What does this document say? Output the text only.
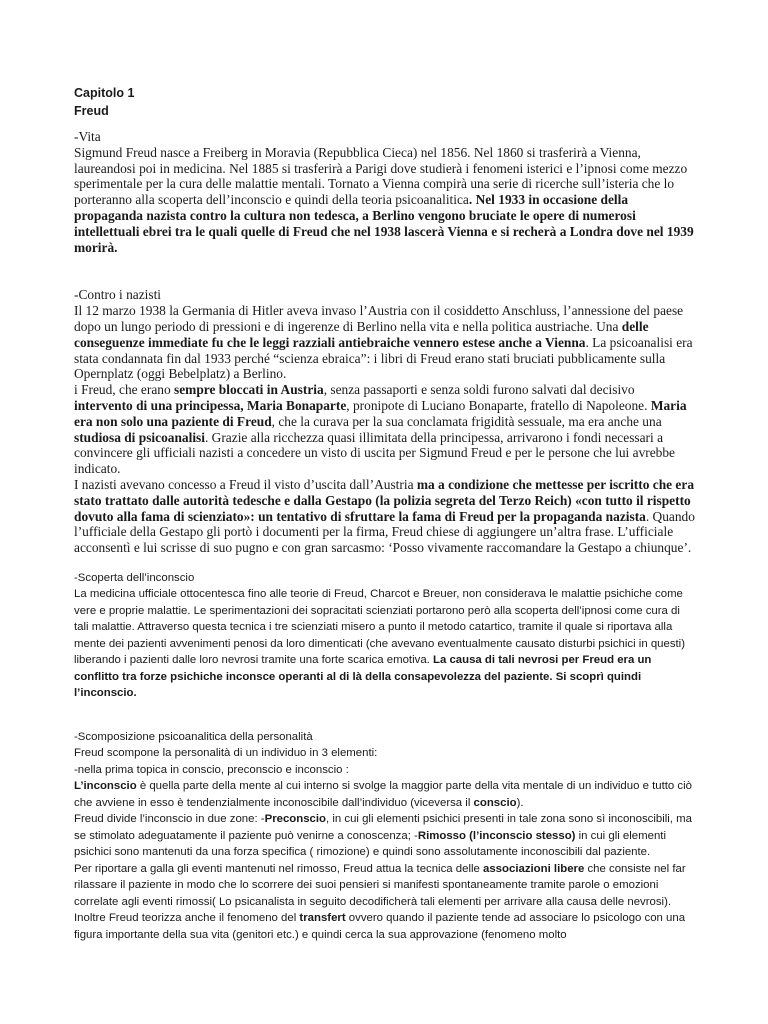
Capitolo 1

Freud

-Vita

Sigmund Freud nasce a Freiberg in Moravia (Repubblica Cieca) nel 1856. Nel 1860 si trasferirà a Vienna, laureandosi poi in medicina. Nel 1885 si trasferirà a Parigi dove studierà i fenomeni isterici e l’ipnosi come mezzo sperimentale per la cura delle malattie mentali. Tornato a Vienna compirà una serie di ricerche sull’isteria che lo porteranno alla scoperta dell’inconscio e quindi della teoria psicoanalitica. Nel 1933 in occasione della propaganda nazista contro la cultura non tedesca, a Berlino vengono bruciate le opere di numerosi intellettuali ebrei tra le quali quelle di Freud che nel 1938 lascerà Vienna e si recherà a Londra dove nel 1939 morirà.

-Contro i nazisti

Il 12 marzo 1938 la Germania di Hitler aveva invaso l’Austria con il cosiddetto Anschluss, l’annessione del paese dopo un lungo periodo di pressioni e di ingerenze di Berlino nella vita e nella politica austriache. Una delle conseguenze immediate fu che le leggi razziali antiebraiche vennero estese anche a Vienna. La psicoanalisi era stata condannata fin dal 1933 perché “scienza ebraica”: i libri di Freud erano stati bruciati pubblicamente sulla Opernplatz (oggi Bebelplatz) a Berlino.
i Freud, che erano sempre bloccati in Austria, senza passaporti e senza soldi furono salvati dal decisivo intervento di una principessa, Maria Bonaparte, pronipote di Luciano Bonaparte, fratello di Napoleone. Maria era non solo una paziente di Freud, che la curava per la sua conclamata frigidità sessuale, ma era anche una studiosa di psicoanalisi. Grazie alla ricchezza quasi illimitata della principessa, arrivarono i fondi necessari a convincere gli ufficiali nazisti a concedere un visto di uscita per Sigmund Freud e per le persone che lui avrebbe indicato.
I nazisti avevano concesso a Freud il visto d’uscita dall’Austria ma a condizione che mettesse per iscritto che era stato trattato dalle autorità tedesche e dalla Gestapo (la polizia segreta del Terzo Reich) «con tutto il rispetto dovuto alla fama di scienziato»: un tentativo di sfruttare la fama di Freud per la propaganda nazista. Quando l’ufficiale della Gestapo gli portò i documenti per la firma, Freud chiese di aggiungere un’altra frase. L’ufficiale acconsentì e lui scrisse di suo pugno e con gran sarcasmo: ‘Posso vivamente raccomandare la Gestapo a chiunque’.

-Scoperta dell’inconscio

La medicina ufficiale ottocentesca fino alle teorie di Freud, Charcot e Breuer, non considerava le malattie psichiche come vere e proprie malattie. Le sperimentazioni dei sopracitati scienziati portarono però alla scoperta dell’ipnosi come cura di tali malattie. Attraverso questa tecnica i tre scienziati misero a punto il metodo catartico, tramite il quale si riportava alla mente dei pazienti avvenimenti penosi da loro dimenticati (che avevano eventualmente causato disturbi psichici in questi) liberando i pazienti dalle loro nevrosi tramite una forte scarica emotiva. La causa di tali nevrosi per Freud era un conflitto tra forze psichiche inconsce operanti al di là della consapevolezza del paziente. Si scoprì quindi l’inconscio.

-Scomposizione psicoanalitica della personalità

Freud scompone la personalità di un individuo in 3 elementi:
-nella prima topica in conscio, preconscio e inconscio :
L’inconscio è quella parte della mente al cui interno si svolge la maggior parte della vita mentale di un individuo e tutto ciò che avviene in esso è tendenzialmente inconoscibile dall’individuo (viceversa il conscio).
Freud divide l’inconscio in due zone: -Preconscio, in cui gli elementi psichici presenti in tale zona sono sì inconoscibili, ma se stimolato adeguatamente il paziente può venirne a conoscenza; -Rimosso (l’inconscio stesso) in cui gli elementi psichici sono mantenuti da una forza specifica ( rimozione) e quindi sono assolutamente inconoscibili dal paziente.
Per riportare a galla gli eventi mantenuti nel rimosso, Freud attua la tecnica delle associazioni libere che consiste nel far rilassare il paziente in modo che lo scorrere dei suoi pensieri si manifesti spontaneamente tramite parole o emozioni correlate agli eventi rimossi( Lo psicanalista in seguito decodificherà tali elementi per arrivare alla causa delle nevrosi). Inoltre Freud teorizza anche il fenomeno del transfert ovvero quando il paziente tende ad associare lo psicologo con una figura importante della sua vita (genitori etc.) e quindi cerca la sua approvazione (fenomeno molto
